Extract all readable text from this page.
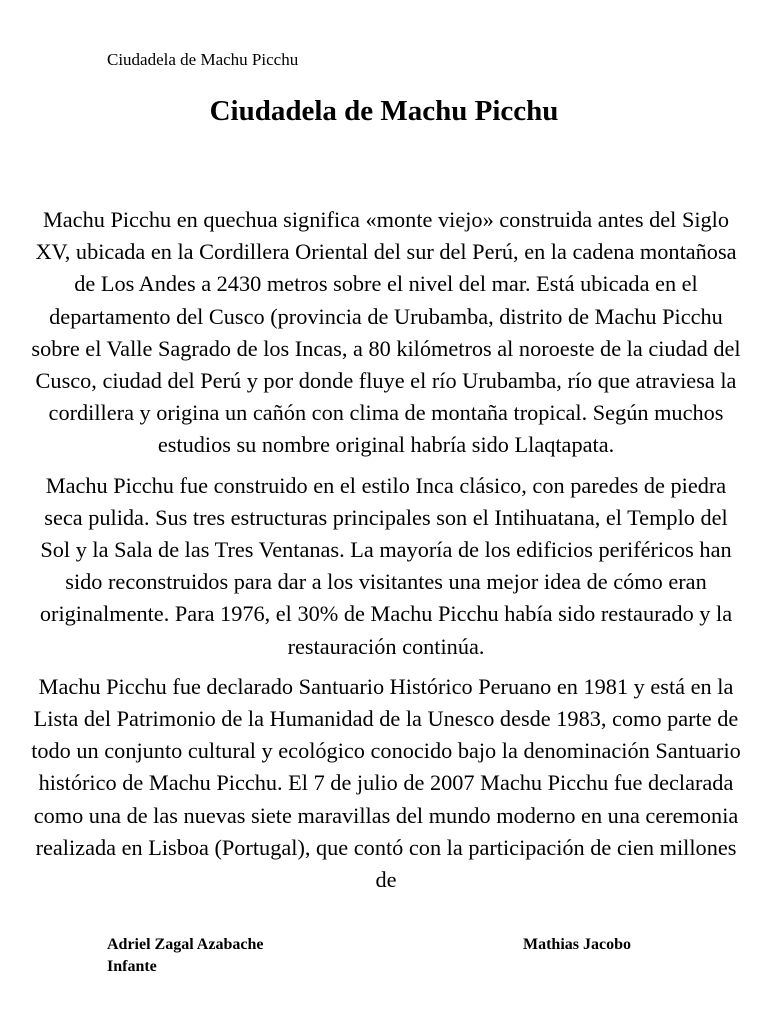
Ciudadela de Machu Picchu
Ciudadela de Machu Picchu

Machu Picchu en quechua significa «monte viejo» construida antes del Siglo XV, ubicada en la Cordillera Oriental del sur del Perú, en la cadena montañosa de Los Andes a 2430 metros sobre el nivel del mar. Está ubicada en el departamento del Cusco (provincia de Urubamba, distrito de Machu Picchu sobre el Valle Sagrado de los Incas, a 80 kilómetros al noroeste de la ciudad del Cusco, ciudad del Perú y por donde fluye el río Urubamba, río que atraviesa la cordillera y origina un cañón con clima de montaña tropical. Según muchos estudios su nombre original habría sido Llaqtapata.

Machu Picchu fue construido en el estilo Inca clásico, con paredes de piedra seca pulida. Sus tres estructuras principales son el Intihuatana, el Templo del Sol y la Sala de las Tres Ventanas. La mayoría de los edificios periféricos han sido reconstruidos para dar a los visitantes una mejor idea de cómo eran originalmente. Para 1976, el 30% de Machu Picchu había sido restaurado y la restauración continúa.

Machu Picchu fue declarado Santuario Histórico Peruano en 1981 y está en la Lista del Patrimonio de la Humanidad de la Unesco desde 1983, como parte de todo un conjunto cultural y ecológico conocido bajo la denominación Santuario histórico de Machu Picchu. El 7 de julio de 2007 Machu Picchu fue declarada como una de las nuevas siete maravillas del mundo moderno en una ceremonia realizada en Lisboa (Portugal), que contó con la participación de cien millones de

Adriel Zagal Azabache
Infante
Mathias Jacobo
